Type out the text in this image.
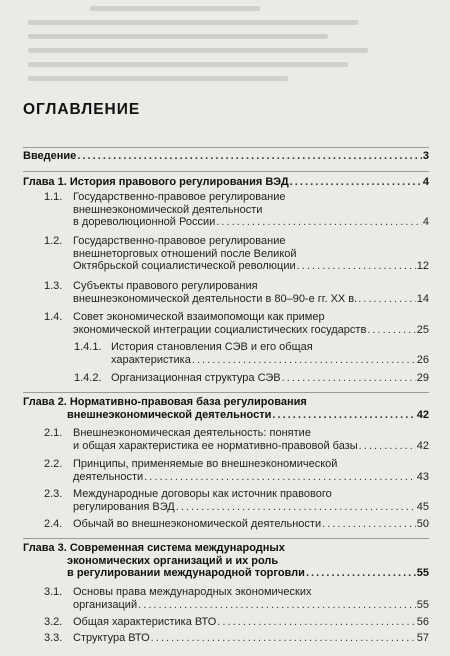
ОГЛАВЛЕНИЕ
Введение . . .	3
Глава 1. История правового регулирования ВЭД . . .	4
1.1. Государственно-правовое регулирование
внешнеэкономической деятельности
в дореволюционной России . . .	4
1.2. Государственно-правовое регулирование
внешнеторговых отношений после Великой
Октябрьской социалистической революции . . .	12
1.3. Субъекты правового регулирования
внешнеэкономической деятельности в 80–90-е гг. XX в. . . .	14
1.4. Совет экономической взаимопомощи как пример
экономической интеграции социалистических государств . . .	25
1.4.1. История становления СЭВ и его общая
характеристика . . .	26
1.4.2. Организационная структура СЭВ . . .	29
Глава 2. Нормативно-правовая база регулирования
внешнеэкономической деятельности . . .	42
2.1. Внешнеэкономическая деятельность: понятие
и общая характеристика ее нормативно-правовой базы . . .	42
2.2. Принципы, применяемые во внешнеэкономической
деятельности . . .	43
2.3. Международные договоры как источник правового
регулирования ВЭД . . .	45
2.4. Обычай во внешнеэкономической деятельности . . .	50
Глава 3. Современная система международных
экономических организаций и их роль
в регулировании международной торговли . . .	55
3.1. Основы права международных экономических
организаций . . .	55
3.2. Общая характеристика ВТО . . .	56
3.3. Структура ВТО . . .	57
